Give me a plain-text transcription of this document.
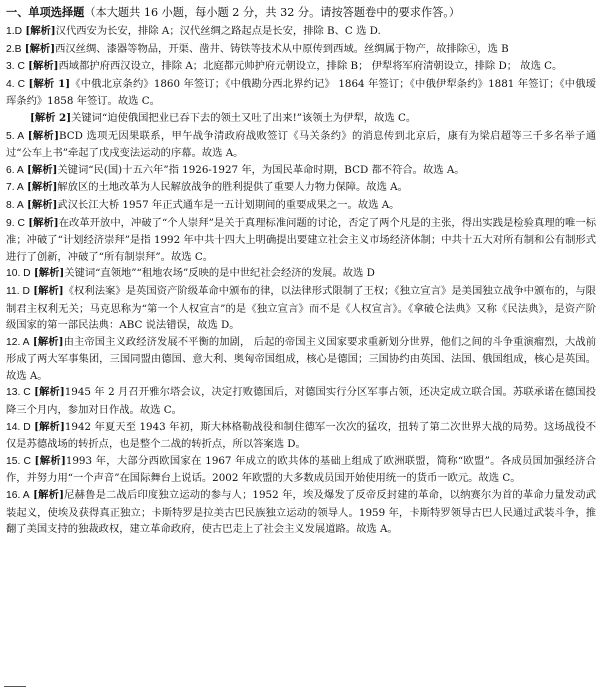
一、单项选择题（本大题共 16 小题，每小题 2 分，共 32 分。请按答题卷中的要求作答。）

1.D [ 解析 ] 汉代西安为长安，排除 A；汉代丝绸之路起点是长安，排除 B、C 选 D.

2.B [ 解析 ] 西汉丝绸、漆器等物品，开渠、凿井、铸铁等技术从中原传到西域。丝绸属于物产，故排除④，选 B

3. C [ 解析 ] 西域都护府西汉设立，排除 A；北庭都元帅护府元朝设立，排除 B； 伊犁将军府清朝设立，排除 D； 故选 C。

4. C [ 解析 1 ] 《中俄北京条约》1860 年签订；《中俄勘分西北界约记》 1864 年签订；《中俄伊犁条约》1881 年签订；《中俄瑷珲条约》1858 年签订。故选 C。

[ 解析 2 ] 关键词“迫使俄国把业已吞下去的领土又吐了出来!”该领土为伊犁，故选 C。

5. A [ 解析 ] BCD 选项无因果联系，甲午战争清政府战败签订《马关条约》的消息传到北京后，康有为梁启超等三千多名举子通过“公车上书”牵起了戊戌变法运动的序幕。故选 A。

6. A [ 解析 ] 关键词“民(国)十五六年”指 1926-1927 年，为国民革命时期，BCD 都不符合。故选 A。

7. A [ 解析 ] 解放区的土地改革为人民解放战争的胜利提供了重要人力物力保障。故选 A。

8. A [ 解析 ] 武汉长江大桥 1957 年正式通车是一五计划期间的重要成果之一。故选 A。

9. C [ 解析 ] 在改革开放中，冲破了“个人崇拜”是关于真理标准问题的讨论，否定了两个凡是的主张，得出实践是检验真理的唯一标准；冲破了“计划经济崇拜”是指 1992 年中共十四大上明确提出要建立社会主义市场经济体制；中共十五大对所有制和公有制形式进行了创新，冲破了“所有制崇拜”。故选 C。

10. D [ 解析 ] 关键词“直领地”“租地农场”反映的是中世纪社会经济的发展。故选 D

11. D [ 解析 ] 《权利法案》是英国资产阶级革命中颁布的律，以法律形式限制了王权；《独立宣言》是美国独立战争中颁布的，与限制君主权利无关；马克思称为“第一个人权宣言”的是《独立宣言》而不是《人权宣言》。《拿破仑法典》又称《民法典》，是资产阶级国家的第一部民法典：ABC 说法错误，故选 D。

12. A [ 解析 ] 由主帝国主义政经济发展不平衡的加剧， 后起的帝国主义国家要求重新划分世界，他们之间的斗争重演瘤烈，大战前形成了两大军事集团，三国同盟由德国、意大利、奥匈帝国组成，核心是德国；三国协约由英国、法国、俄国组成，核心是英国。故选 A。

13. C [ 解析 ] 1945 年 2 月召开雅尔塔会议，决定打败德国后，对德国实行分区军事占领，还决定成立联合国。苏联承诺在德国投降三个月内，参加对日作战。故选 C。

14. D [ 解析 ] 1942 年夏天至 1943 年初，斯大林格勒战役和制住德军一次次的猛攻，扭转了第二次世界大战的局势。这场战役不仅是苏德战场的转折点，也是整个二战的转折点，所以答案选 D。

15. C [ 解析 ] 1993 年，大部分西欧国家在 1967 年成立的欧共体的基础上组成了欧洲联盟，简称“欧盟”。各成员国加强经济合作，并努力用“一个声音”在国际舞台上说话。2002 年欧盟的大多数成员国开始使用统一的货币一欧元。故选 C。

16. A [ 解析 ] 尼赫鲁是二战后印度独立运动的参与人；1952 年，埃及爆发了反帝反封建的革命，以纳赛尔为首的革命力量发动武装起义，使埃及获得真正独立；卡斯特罗是拉美古巴民族独立运动的领导人。1959 年，卡斯特罗领导古巴人民通过武装斗争，推翻了美国支持的独裁政权，建立革命政府，使古巴走上了社会主义发展道路。故选 A。
